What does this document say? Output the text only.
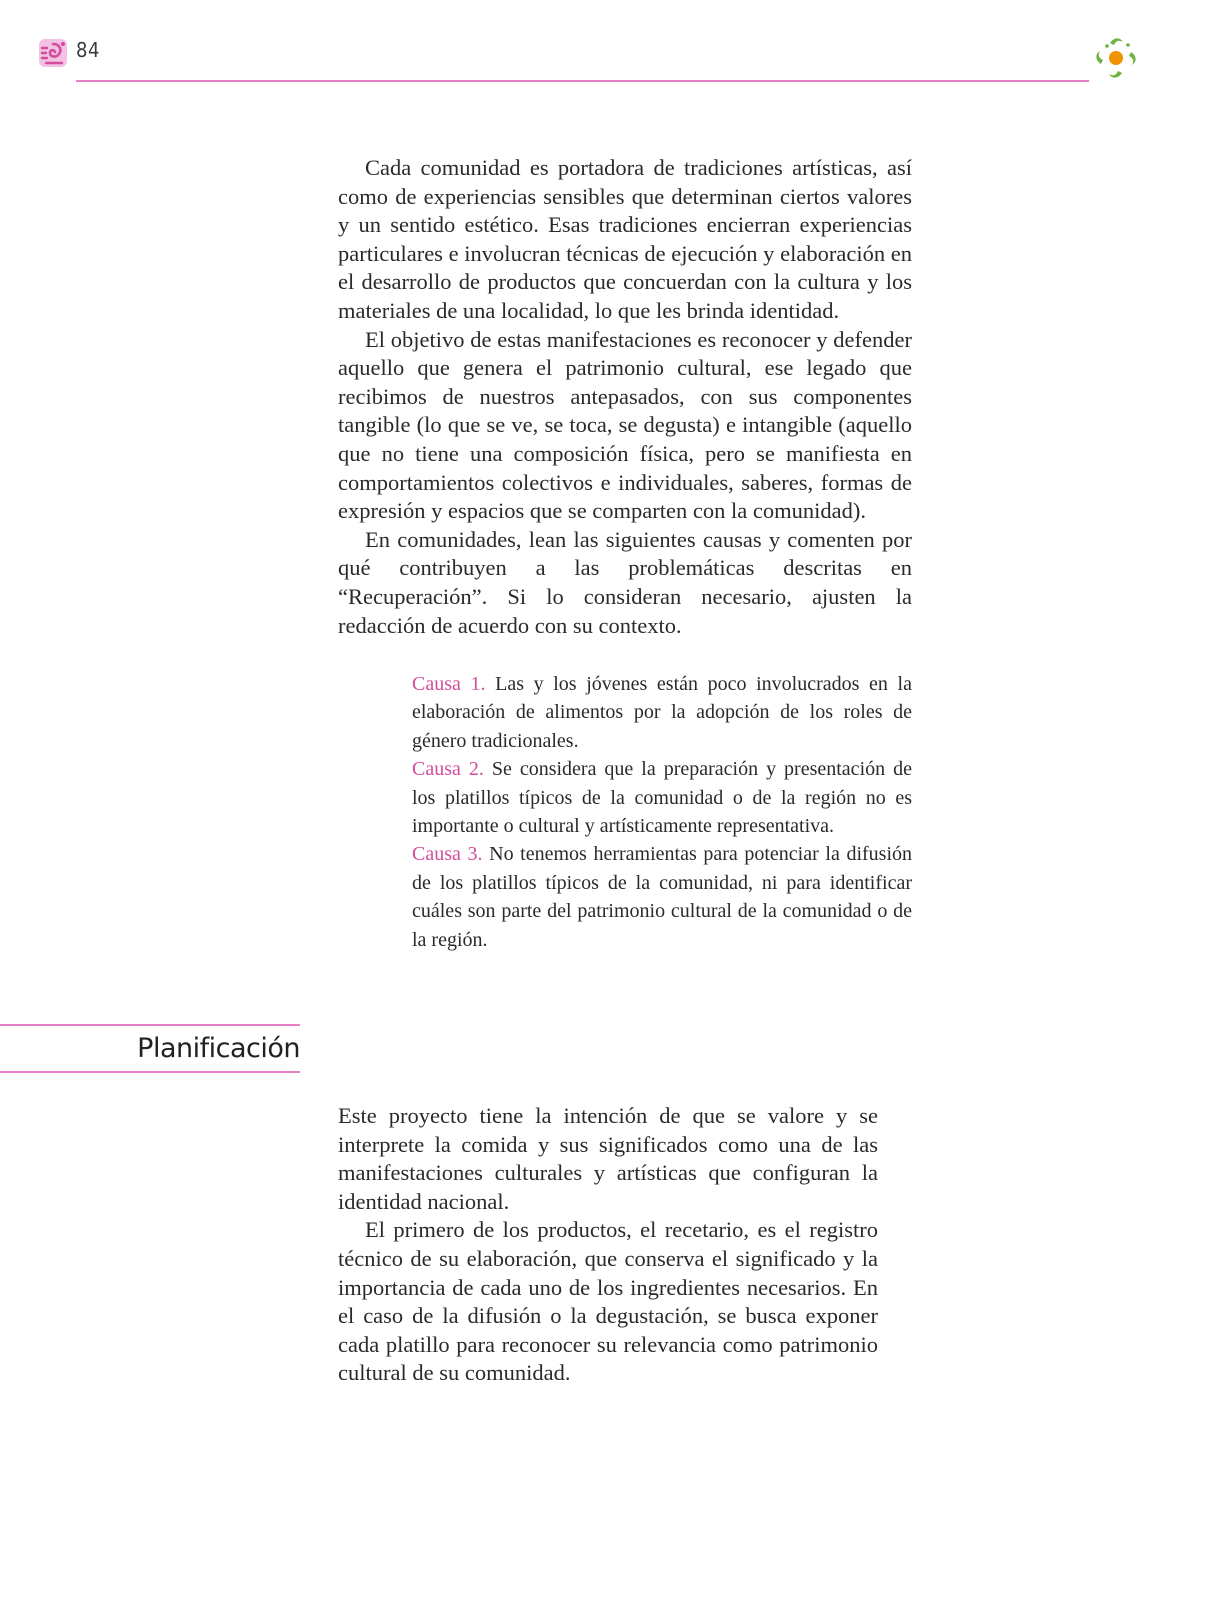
84

Cada comunidad es portadora de tradiciones artísticas, así como de experiencias sensibles que determinan ciertos valores y un sentido estético. Esas tradiciones encierran experiencias particulares e involucran técnicas de ejecución y elaboración en el desarrollo de productos que concuerdan con la cultura y los materiales de una localidad, lo que les brinda identidad.

El objetivo de estas manifestaciones es reconocer y defender aquello que genera el patrimonio cultural, ese legado que recibimos de nuestros antepasados, con sus componentes tangible (lo que se ve, se toca, se degusta) e intangible (aquello que no tiene una composición física, pero se manifiesta en comportamientos colectivos e individuales, saberes, formas de expresión y espacios que se comparten con la comunidad).

En comunidades, lean las siguientes causas y comenten por qué contribuyen a las problemáticas descritas en “Recuperación”. Si lo consideran necesario, ajusten la redacción de acuerdo con su contexto.

Causa 1. Las y los jóvenes están poco involucrados en la elaboración de alimentos por la adopción de los roles de género tradicionales.

Causa 2. Se considera que la preparación y presentación de los platillos típicos de la comunidad o de la región no es importante o cultural y artísticamente representativa.

Causa 3. No tenemos herramientas para potenciar la difusión de los platillos típicos de la comunidad, ni para identificar cuáles son parte del patrimonio cultural de la comunidad o de la región.

Planificación

Este proyecto tiene la intención de que se valore y se interprete la comida y sus significados como una de las manifestaciones culturales y artísticas que configuran la identidad nacional.

El primero de los productos, el recetario, es el registro técnico de su elaboración, que conserva el significado y la importancia de cada uno de los ingredientes necesarios. En el caso de la difusión o la degustación, se busca exponer cada platillo para reconocer su relevancia como patrimonio cultural de su comunidad.
